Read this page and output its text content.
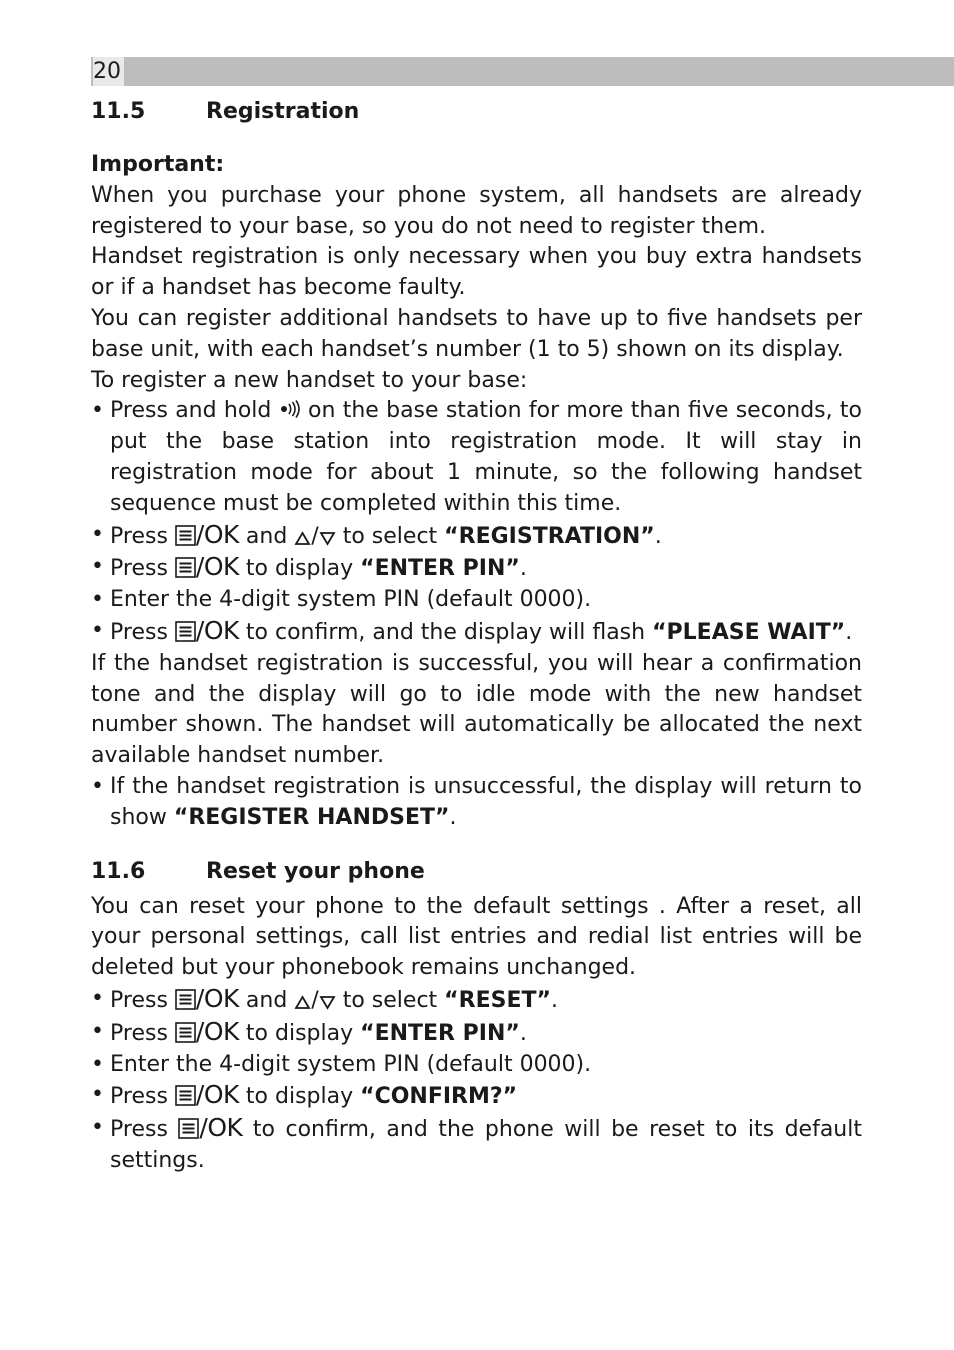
20
11.5	Registration
Important:

When you purchase your phone system, all handsets are already registered to your base, so you do not need to register them.

Handset registration is only necessary when you buy extra handsets or if a handset has become faulty.

You can register additional handsets to have up to five handsets per base unit, with each handset’s number (1 to 5) shown on its display.

To register a new handset to your base:

• Press and hold on the base station for more than five seconds, to put the base station into registration mode. It will stay in registration mode for about 1 minute, so the following handset sequence must be completed within this time.
• Press /OK and / to select “REGISTRATION”.
• Press /OK to display “ENTER PIN”.
• Enter the 4-digit system PIN (default 0000).
• Press /OK to confirm, and the display will flash “PLEASE WAIT”.

If the handset registration is successful, you will hear a confirmation tone and the display will go to idle mode with the new handset number shown. The handset will automatically be allocated the next available handset number.

• If the handset registration is unsuccessful, the display will return to show “REGISTER HANDSET”.
11.6	Reset your phone

You can reset your phone to the default settings . After a reset, all your personal settings, call list entries and redial list entries will be deleted but your phonebook remains unchanged.

• Press /OK and / to select “RESET”.
• Press /OK to display “ENTER PIN”.
• Enter the 4-digit system PIN (default 0000).
• Press /OK to display “CONFIRM?”
• Press /OK to confirm, and the phone will be reset to its default settings.
